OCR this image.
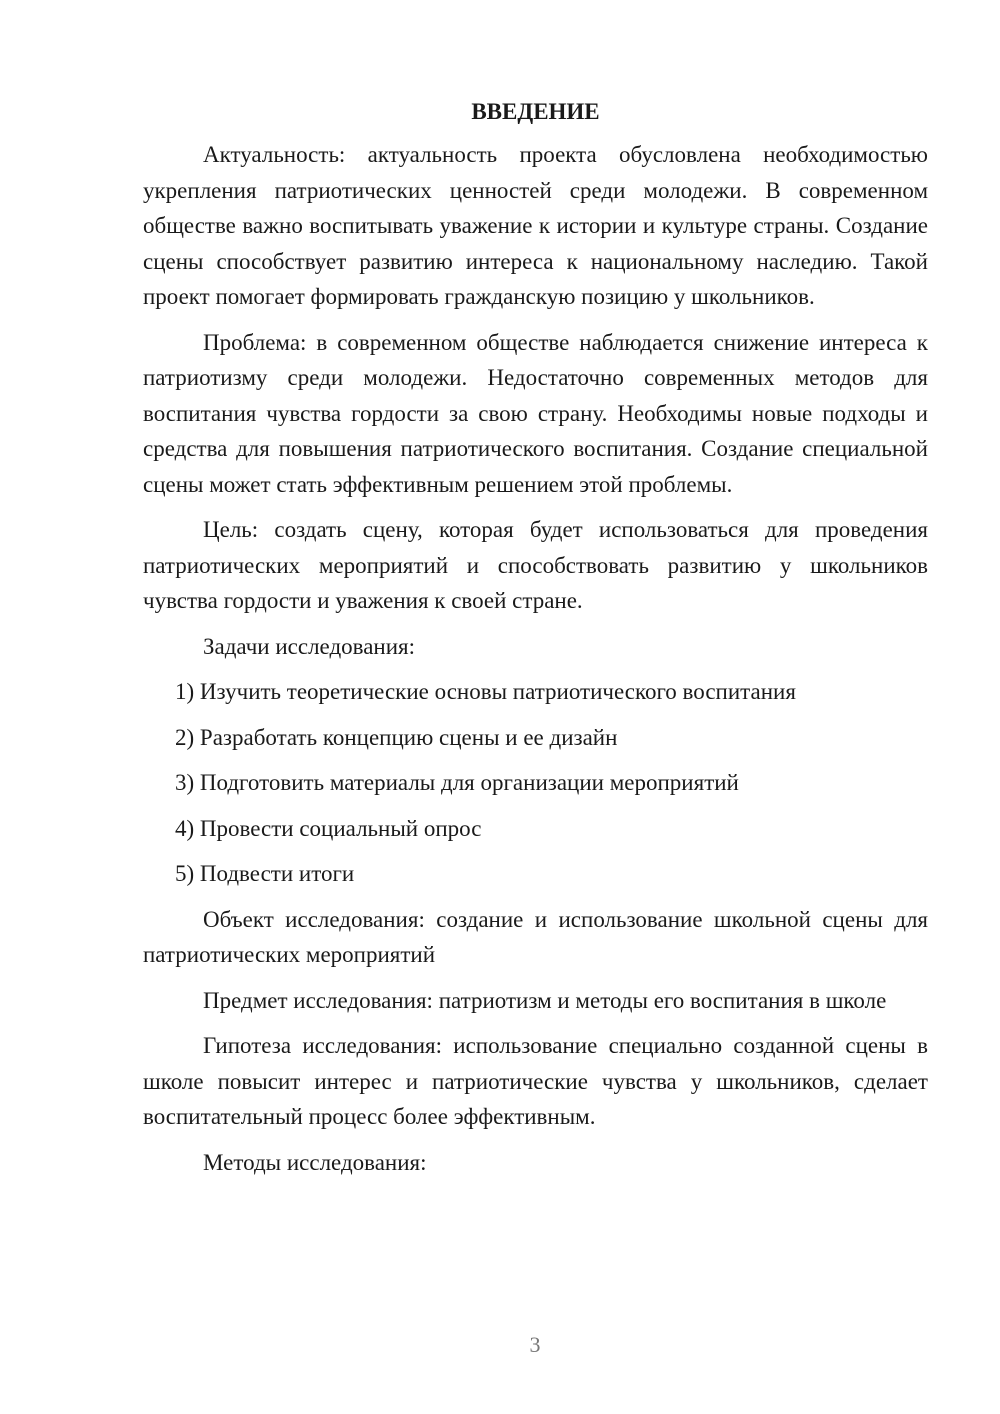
ВВЕДЕНИЕ

Актуальность: актуальность проекта обусловлена необходимостью укрепления патриотических ценностей среди молодежи. В современном обществе важно воспитывать уважение к истории и культуре страны. Создание сцены способствует развитию интереса к национальному наследию. Такой проект помогает формировать гражданскую позицию у школьников.

Проблема: в современном обществе наблюдается снижение интереса к патриотизму среди молодежи. Недостаточно современных методов для воспитания чувства гордости за свою страну. Необходимы новые подходы и средства для повышения патриотического воспитания. Создание специальной сцены может стать эффективным решением этой проблемы.

Цель: создать сцену, которая будет использоваться для проведения патриотических мероприятий и способствовать развитию у школьников чувства гордости и уважения к своей стране.

Задачи исследования:

1) Изучить теоретические основы патриотического воспитания
2) Разработать концепцию сцены и ее дизайн
3) Подготовить материалы для организации мероприятий
4) Провести социальный опрос
5) Подвести итоги

Объект исследования: создание и использование школьной сцены для патриотических мероприятий

Предмет исследования: патриотизм и методы его воспитания в школе

Гипотеза исследования: использование специально созданной сцены в школе повысит интерес и патриотические чувства у школьников, сделает воспитательный процесс более эффективным.

Методы исследования:

3
